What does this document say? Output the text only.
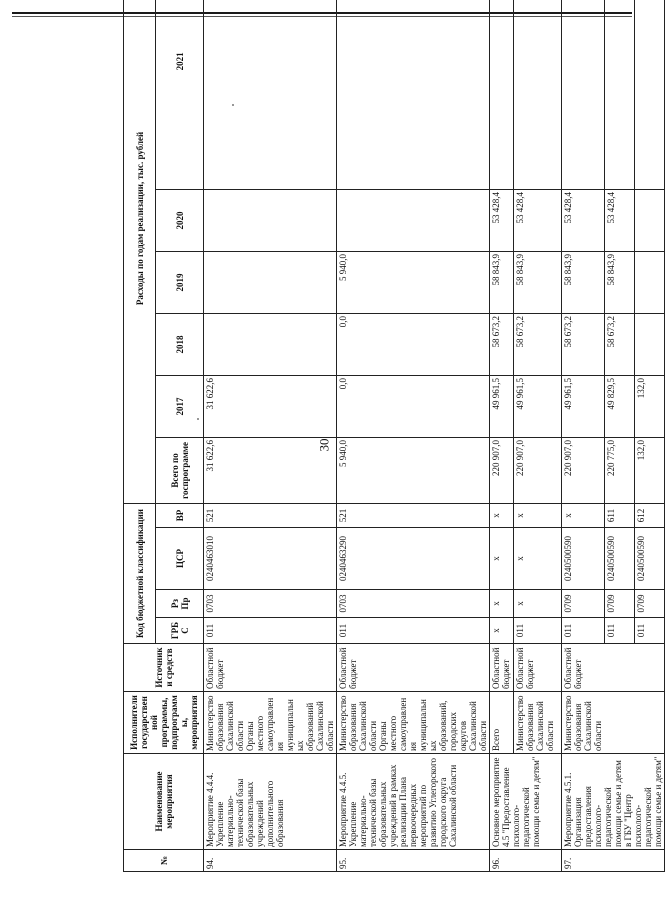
30
№	Наименование мероприятия	Исполнители государственной программы, подпрограммы, мероприятия	Источники средств	Код бюджетной классификации				Расходы по годам реализации, тыс. рублей					
				ГРБС	Рз Пр	ЦСР	ВР	Всего по госпрограмме	2017	2018	2019	2020	2021
94.	Мероприятие 4.4.4. Укрепление материально-технической базы образовательных учреждений дополнительного образования	Министерство образования Сахалинской области Органы местного самоуправления муниципальных образований Сахалинской области	Областной бюджет	011	0703	0240463010	521	31 622,6	31 622,6				
95.	Мероприятие 4.4.5. Укрепление материально-технической базы образовательных учреждений в рамках реализации Плана первоочередных мероприятий по развитию Углегорского городского округа Сахалинской области	Министерство образования Сахалинской области Органы местного самоуправления муниципальных образований, городских округов Сахалинской области	Областной бюджет	011	0703	0240463290	521	5 940,0	0,0	0,0	5 940,0		
96.	Основное мероприятие 4.5 "Предоставление психолого-педагогической помощи семье и детям"	Всего	Областной бюджет	х	х	х	х	220 907,0	49 961,5	58 673,2	58 843,9	53 428,4	
		Министерство образования Сахалинской области	Областной бюджет	011	х	х	х	220 907,0	49 961,5	58 673,2	58 843,9	53 428,4	
97.	Мероприятие 4.5.1. Организация предоставления психолого-педагогической помощи семье и детям в ГБУ "Центр психолого-педагогической помощи семье и детям"	Министерство образования Сахалинской области	Областной бюджет	011	0709	0240500590	х	220 907,0	49 961,5	58 673,2	58 843,9	53 428,4	
				011	0709	0240500590	611	220 775,0	49 829,5	58 673,2	58 843,9	53 428,4	
				011	0709	0240500590	612	132,0	132,0				
